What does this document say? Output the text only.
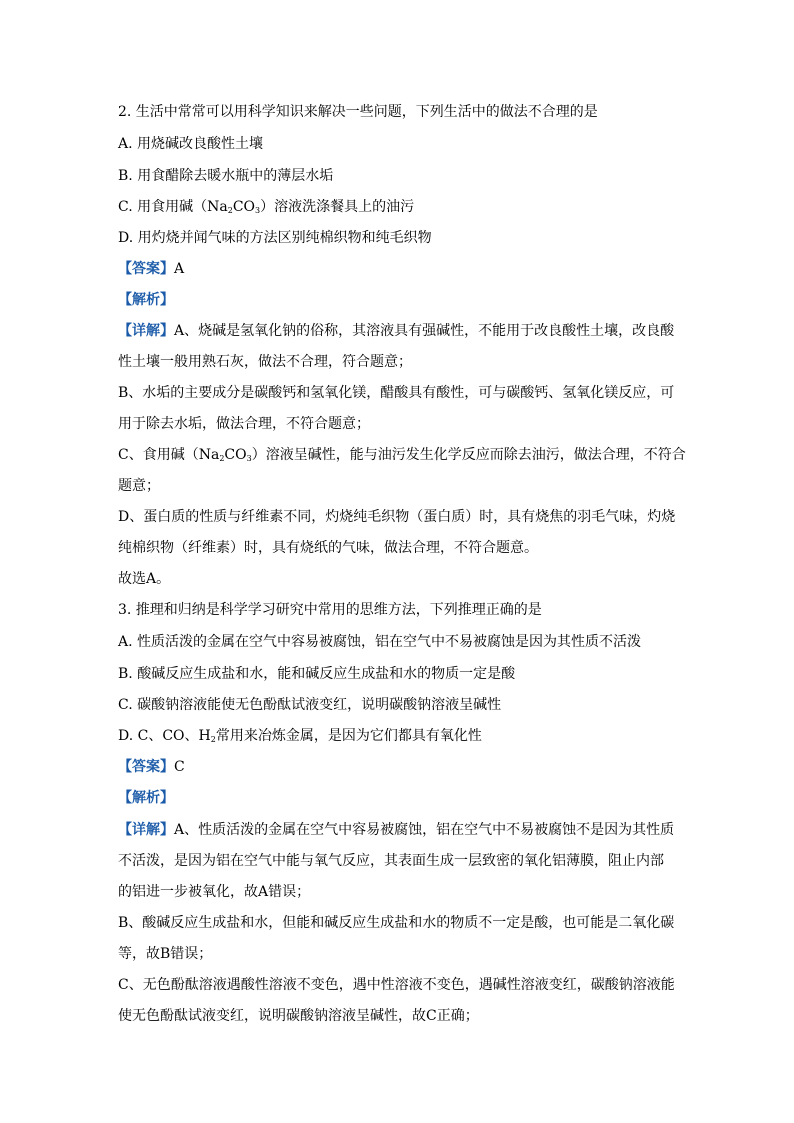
2. 生活中常常可以用科学知识来解决一些问题，下列生活中的做法不合理的是
A. 用烧碱改良酸性土壤
B. 用食醋除去暖水瓶中的薄层水垢
C. 用食用碱$(Na_2CO_3)$溶液洗涤餐具上的油污
D. 用灼烧并闻气味的方法区别纯棉织物和纯毛织物
【答案】A
【解析】
【详解】A、烧碱是氢氧化钠的俗称，其溶液具有强碱性，不能用于改良酸性土壤，改良酸
性土壤一般用熟石灰，做法不合理，符合题意；
B、水垢的主要成分是碳酸钙和氢氧化镁，醋酸具有酸性，可与碳酸钙、氢氧化镁反应，可
用于除去水垢，做法合理，不符合题意；
C、食用碱$(Na_2CO_3)$溶液呈碱性，能与油污发生化学反应而除去油污，做法合理，不符合
题意；
D、蛋白质的性质与纤维素不同，灼烧纯毛织物（蛋白质）时，具有烧焦的羽毛气味，灼烧
纯棉织物（纤维素）时，具有烧纸的气味，做法合理，不符合题意。
故选A。
3. 推理和归纳是科学学习研究中常用的思维方法，下列推理正确的是
A. 性质活泼的金属在空气中容易被腐蚀，铝在空气中不易被腐蚀是因为其性质不活泼
B. 酸碱反应生成盐和水，能和碱反应生成盐和水的物质一定是酸
C. 碳酸钠溶液能使无色酚酞试液变红，说明碳酸钠溶液呈碱性
D. C、CO、$H_2$常用来冶炼金属，是因为它们都具有氧化性
【答案】C
【解析】
【详解】A、性质活泼的金属在空气中容易被腐蚀，铝在空气中不易被腐蚀不是因为其性质
不活泼，是因为铝在空气中能与氧气反应，其表面生成一层致密的氧化铝薄膜，阻止内部
的铝进一步被氧化，故A错误；
B、酸碱反应生成盐和水，但能和碱反应生成盐和水的物质不一定是酸，也可能是二氧化碳
等，故B错误；
C、无色酚酞溶液遇酸性溶液不变色，遇中性溶液不变色，遇碱性溶液变红，碳酸钠溶液能
使无色酚酞试液变红，说明碳酸钠溶液呈碱性，故C正确；
